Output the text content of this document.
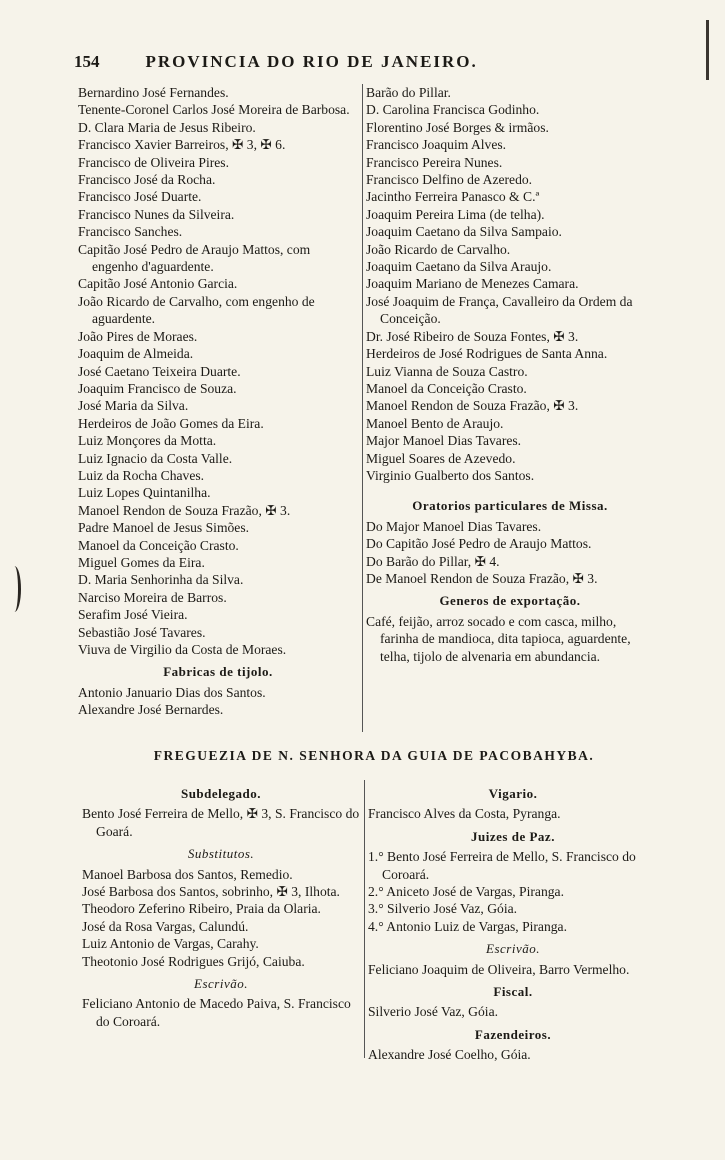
154	PROVINCIA DO RIO DE JANEIRO.
Bernardino José Fernandes.
Tenente-Coronel Carlos José Moreira de Barbosa.
D. Clara Maria de Jesus Ribeiro.
Francisco Xavier Barreiros, ✠ 3, ✠ 6.
Francisco de Oliveira Pires.
Francisco José da Rocha.
Francisco José Duarte.
Francisco Nunes da Silveira.
Francisco Sanches.
Capitão José Pedro de Araujo Mattos, com engenho d'aguardente.
Capitão José Antonio Garcia.
João Ricardo de Carvalho, com engenho de aguardente.
João Pires de Moraes.
Joaquim de Almeida.
José Caetano Teixeira Duarte.
Joaquim Francisco de Souza.
José Maria da Silva.
Herdeiros de João Gomes da Eira.
Luiz Monçores da Motta.
Luiz Ignacio da Costa Valle.
Luiz da Rocha Chaves.
Luiz Lopes Quintanilha.
Manoel Rendon de Souza Frazão, ✠ 3.
Padre Manoel de Jesus Simões.
Manoel da Conceição Crasto.
Miguel Gomes da Eira.
D. Maria Senhorinha da Silva.
Narciso Moreira de Barros.
Serafim José Vieira.
Sebastião José Tavares.
Viuva de Virgilio da Costa de Moraes.
Fabricas de tijolo.
Antonio Januario Dias dos Santos.
Alexandre José Bernardes.
Barão do Pillar.
D. Carolina Francisca Godinho.
Florentino José Borges & irmãos.
Francisco Joaquim Alves.
Francisco Pereira Nunes.
Francisco Delfino de Azeredo.
Jacintho Ferreira Panasco & C.ª
Joaquim Pereira Lima (de telha).
Joaquim Caetano da Silva Sampaio.
João Ricardo de Carvalho.
Joaquim Caetano da Silva Araujo.
Joaquim Mariano de Menezes Camara.
José Joaquim de França, Cavalleiro da Ordem da Conceição.
Dr. José Ribeiro de Souza Fontes, ✠ 3.
Herdeiros de José Rodrigues de Santa Anna.
Luiz Vianna de Souza Castro.
Manoel da Conceição Crasto.
Manoel Rendon de Souza Frazão, ✠ 3.
Manoel Bento de Araujo.
Major Manoel Dias Tavares.
Miguel Soares de Azevedo.
Virginio Gualberto dos Santos.
Oratorios particulares de Missa.
Do Major Manoel Dias Tavares.
Do Capitão José Pedro de Araujo Mattos.
Do Barão do Pillar, ✠ 4.
De Manoel Rendon de Souza Frazão, ✠ 3.
Generos de exportação.
Café, feijão, arroz socado e com casca, milho, farinha de mandioca, dita tapioca, aguardente, telha, tijolo de alvenaria em abundancia.
FREGUEZIA DE N. SENHORA DA GUIA DE PACOBAHYBA.
Subdelegado.
Bento José Ferreira de Mello, ✠ 3, S. Francisco do Goará.
Substitutos.
Manoel Barbosa dos Santos, Remedio.
José Barbosa dos Santos, sobrinho, ✠ 3, Ilhota.
Theodoro Zeferino Ribeiro, Praia da Olaria.
José da Rosa Vargas, Calundú.
Luiz Antonio de Vargas, Carahy.
Theotonio José Rodrigues Grijó, Caiuba.
Escrivão.
Feliciano Antonio de Macedo Paiva, S. Francisco do Coroará.
Vigario.
Francisco Alves da Costa, Pyranga.
Juizes de Paz.
1.° Bento José Ferreira de Mello, S. Francisco do Coroará.
2.° Aniceto José de Vargas, Piranga.
3.° Silverio José Vaz, Góia.
4.° Antonio Luiz de Vargas, Piranga.
Escrivão.
Feliciano Joaquim de Oliveira, Barro Vermelho.
Fiscal.
Silverio José Vaz, Góia.
Fazendeiros.
Alexandre José Coelho, Góia.
